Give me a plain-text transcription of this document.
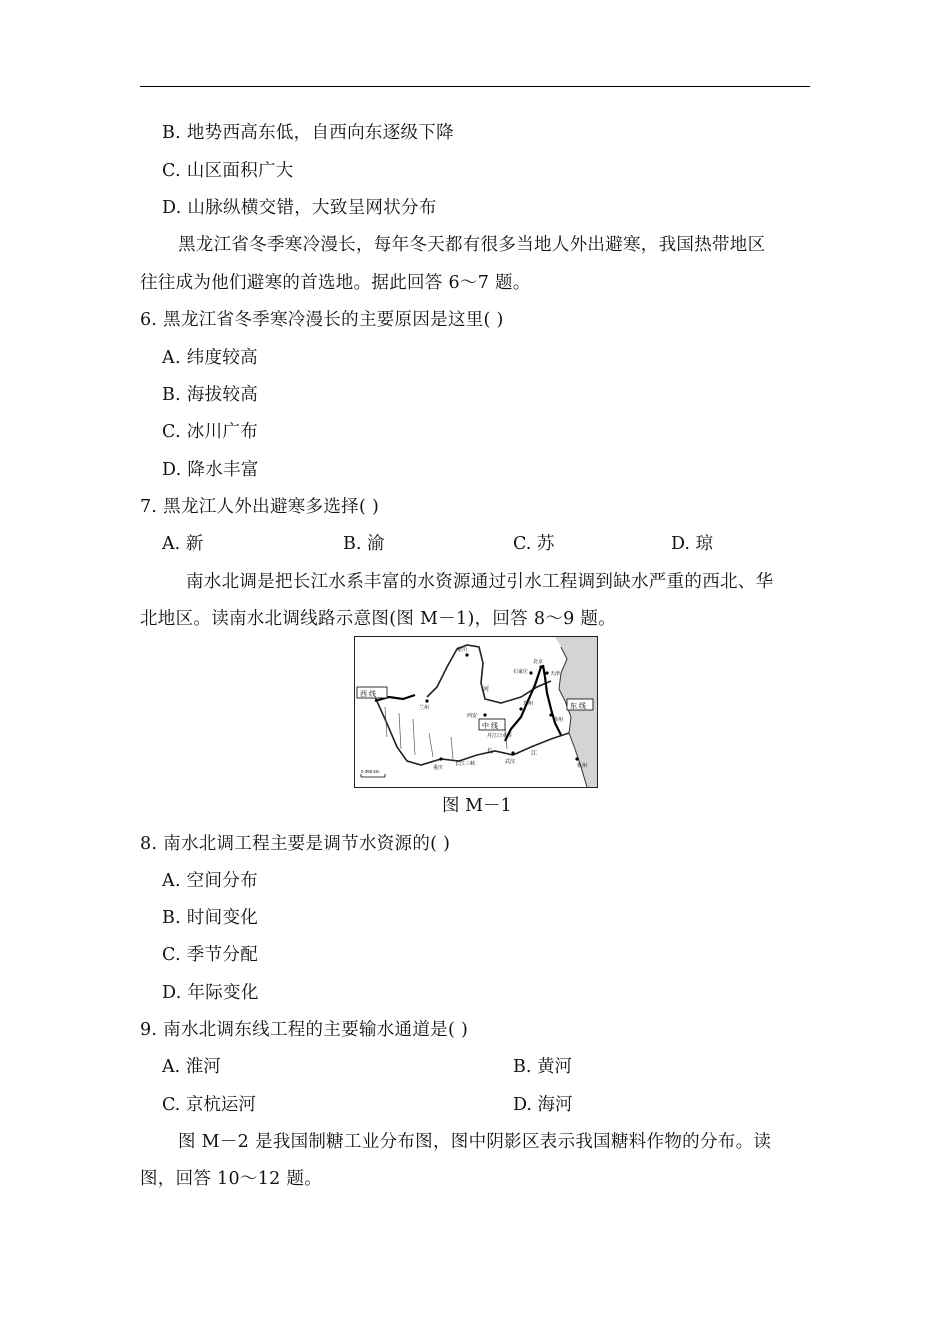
B. 地势西高东低，自西向东逐级下降
C. 山区面积广大
D. 山脉纵横交错，大致呈网状分布
黑龙江省冬季寒冷漫长，每年冬天都有很多当地人外出避寒，我国热带地区
往往成为他们避寒的首选地。据此回答 6～7 题。
6. 黑龙江省冬季寒冷漫长的主要原因是这里( )
A. 纬度较高
B. 海拔较高
C. 冰川广布
D. 降水丰富
7. 黑龙江人外出避寒多选择( )
A. 新	B. 渝	C. 苏	D. 琼
南水北调是把长江水系丰富的水资源通过引水工程调到缺水严重的西北、华
北地区。读南水北调线路示意图(图 M－1)，回答 8～9 题。
西 线
中 线
东 线
北京
天津
兰州
西安
武汉
重庆	杭州
郑州
石家庄
银川
徐州
长	江
河
丹江口水库
长江三峡
0 350 km
图 M－1
8. 南水北调工程主要是调节水资源的( )
A. 空间分布
B. 时间变化
C. 季节分配
D. 年际变化
9. 南水北调东线工程的主要输水通道是( )
A. 淮河	B. 黄河
C. 京杭运河	D. 海河
图 M－2 是我国制糖工业分布图，图中阴影区表示我国糖料作物的分布。读
图，回答 10～12 题。
